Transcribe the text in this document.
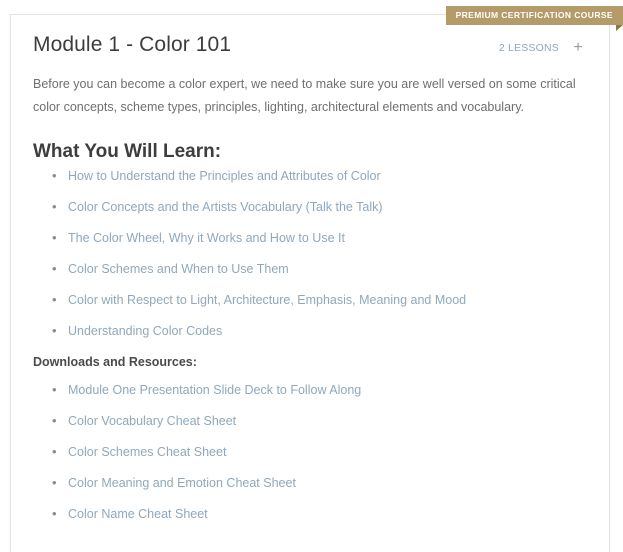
PREMIUM CERTIFICATION COURSE
Module 1 - Color 101	2 LESSONS +

Before you can become a color expert, we need to make sure you are well versed on some critical color concepts, scheme types, principles, lighting, architectural elements and vocabulary.

What You Will Learn:
• How to Understand the Principles and Attributes of Color
• Color Concepts and the Artists Vocabulary (Talk the Talk)
• The Color Wheel, Why it Works and How to Use It
• Color Schemes and When to Use Them
• Color with Respect to Light, Architecture, Emphasis, Meaning and Mood
• Understanding Color Codes
Downloads and Resources:
• Module One Presentation Slide Deck to Follow Along
• Color Vocabulary Cheat Sheet
• Color Schemes Cheat Sheet
• Color Meaning and Emotion Cheat Sheet
• Color Name Cheat Sheet
